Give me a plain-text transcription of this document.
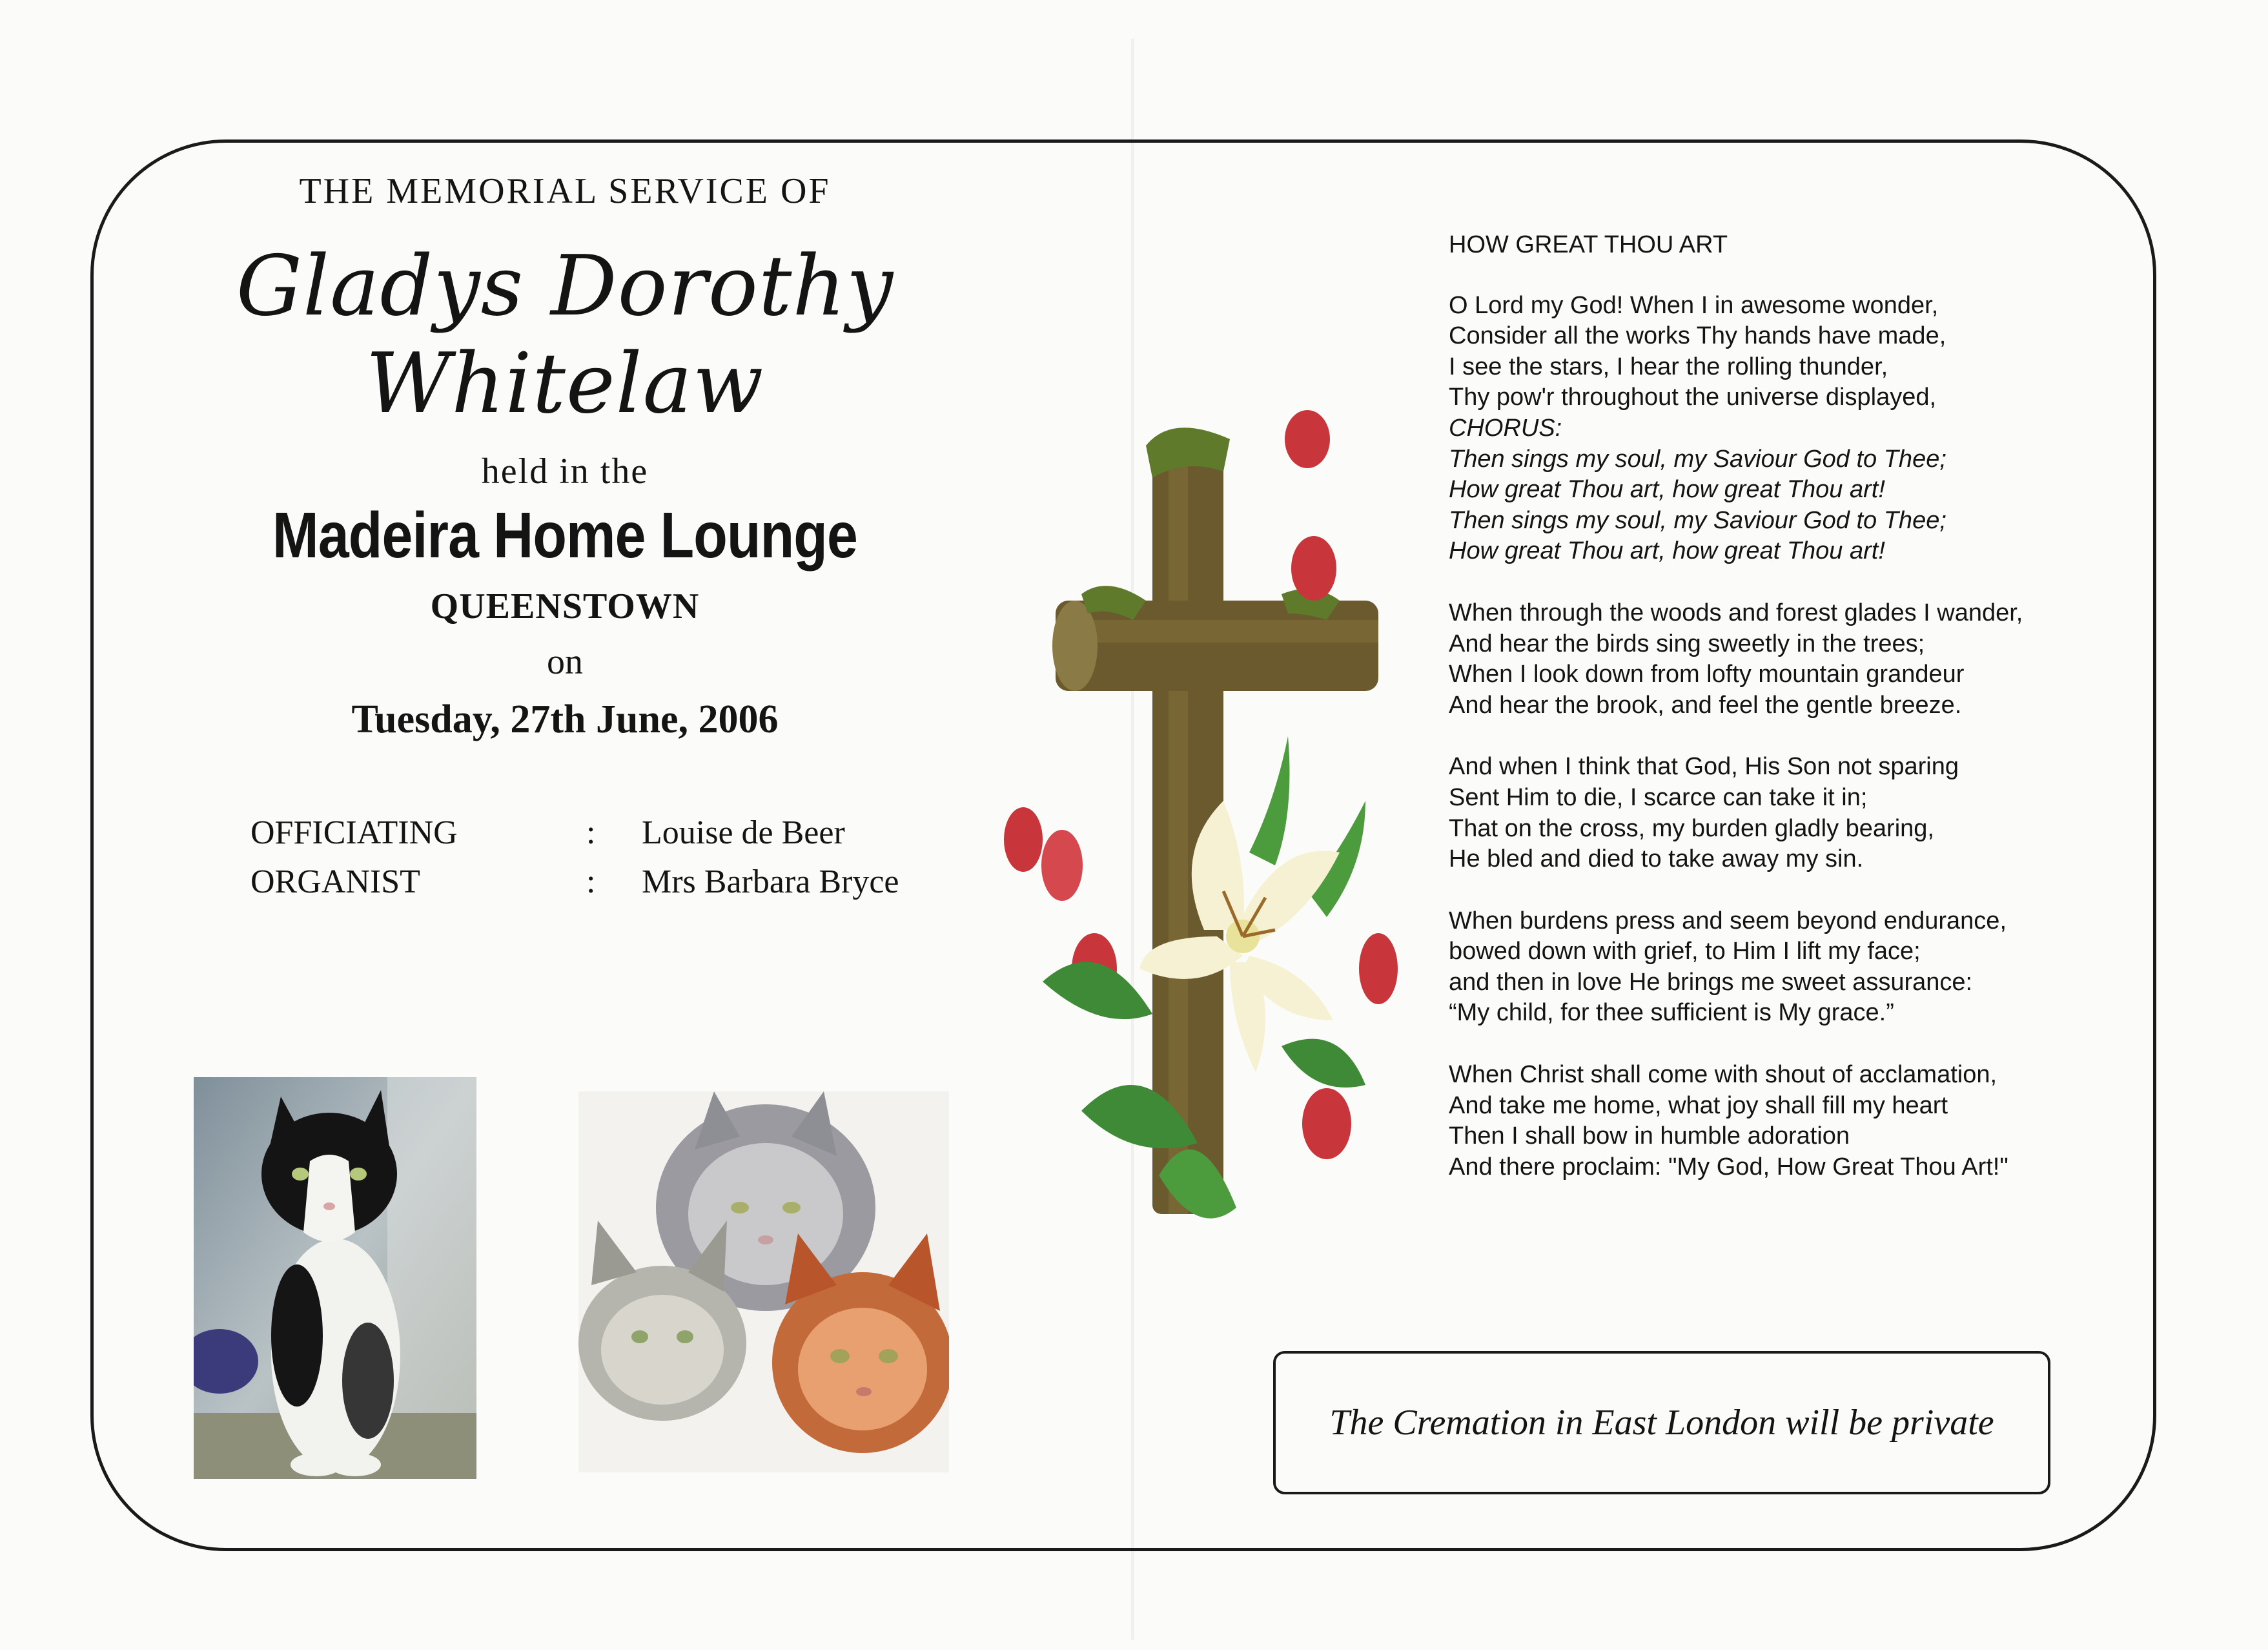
THE MEMORIAL SERVICE OF
Gladys Dorothy
Whitelaw
held in the
Madeira Home Lounge
QUEENSTOWN
on
Tuesday, 27th June, 2006
OFFICIATING	: Louise de Beer
ORGANIST	: Mrs Barbara Bryce
HOW GREAT THOU ART
O Lord my God! When I in awesome wonder,
Consider all the works Thy hands have made,
I see the stars, I hear the rolling thunder,
Thy pow'r throughout the universe displayed,
CHORUS:
Then sings my soul, my Saviour God to Thee;
How great Thou art, how great Thou art!
Then sings my soul, my Saviour God to Thee;
How great Thou art, how great Thou art!
When through the woods and forest glades I wander,
And hear the birds sing sweetly in the trees;
When I look down from lofty mountain grandeur
And hear the brook, and feel the gentle breeze.
And when I think that God, His Son not sparing
Sent Him to die, I scarce can take it in;
That on the cross, my burden gladly bearing,
He bled and died to take away my sin.
When burdens press and seem beyond endurance,
bowed down with grief, to Him I lift my face;
and then in love He brings me sweet assurance:
“My child, for thee sufficient is My grace.”
When Christ shall come with shout of acclamation,
And take me home, what joy shall fill my heart
Then I shall bow in humble adoration
And there proclaim: "My God, How Great Thou Art!"
The Cremation in East London will be private
